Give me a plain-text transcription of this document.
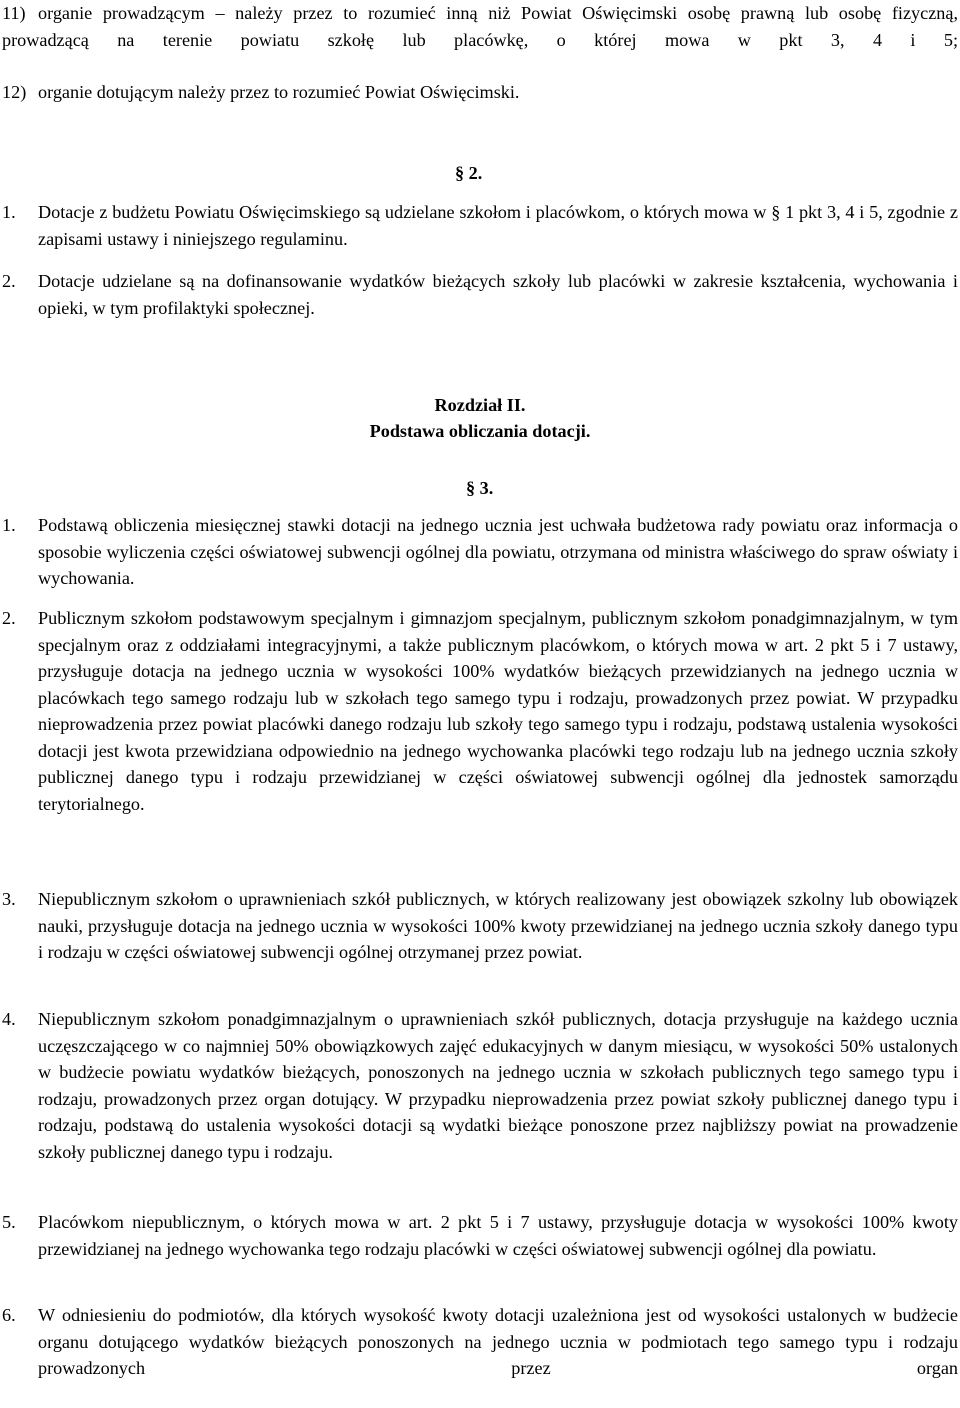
11) organie prowadzącym – należy przez to rozumieć inną niż Powiat Oświęcimski osobę prawną lub osobę fizyczną, prowadzącą na terenie powiatu szkołę lub placówkę, o której mowa w pkt 3, 4 i 5;
12) organie dotującym należy przez to rozumieć Powiat Oświęcimski.
§ 2.
1. Dotacje z budżetu Powiatu Oświęcimskiego są udzielane szkołom i placówkom, o których mowa w § 1 pkt 3, 4 i 5, zgodnie z zapisami ustawy i niniejszego regulaminu.
2. Dotacje udzielane są na dofinansowanie wydatków bieżących szkoły lub placówki w zakresie kształcenia, wychowania i opieki, w tym profilaktyki społecznej.
Rozdział II.
Podstawa obliczania dotacji.
§ 3.
1. Podstawą obliczenia miesięcznej stawki dotacji na jednego ucznia jest uchwała budżetowa rady powiatu oraz informacja o sposobie wyliczenia części oświatowej subwencji ogólnej dla powiatu, otrzymana od ministra właściwego do spraw oświaty i wychowania.
2. Publicznym szkołom podstawowym specjalnym i gimnazjom specjalnym, publicznym szkołom ponadgimnazjalnym, w tym specjalnym oraz z oddziałami integracyjnymi, a także publicznym placówkom, o których mowa w art. 2 pkt 5 i 7 ustawy, przysługuje dotacja na jednego ucznia w wysokości 100% wydatków bieżących przewidzianych na jednego ucznia w placówkach tego samego rodzaju lub w szkołach tego samego typu i rodzaju, prowadzonych przez powiat. W przypadku nieprowadzenia przez powiat placówki danego rodzaju lub szkoły tego samego typu i rodzaju, podstawą ustalenia wysokości dotacji jest kwota przewidziana odpowiednio na jednego wychowanka placówki tego rodzaju lub na jednego ucznia szkoły publicznej danego typu i rodzaju przewidzianej w części oświatowej subwencji ogólnej dla jednostek samorządu terytorialnego.
3. Niepublicznym szkołom o uprawnieniach szkół publicznych, w których realizowany jest obowiązek szkolny lub obowiązek nauki, przysługuje dotacja na jednego ucznia w wysokości 100% kwoty przewidzianej na jednego ucznia szkoły danego typu i rodzaju w części oświatowej subwencji ogólnej otrzymanej przez powiat.
4. Niepublicznym szkołom ponadgimnazjalnym o uprawnieniach szkół publicznych, dotacja przysługuje na każdego ucznia uczęszczającego w co najmniej 50% obowiązkowych zajęć edukacyjnych w danym miesiącu, w wysokości 50% ustalonych w budżecie powiatu wydatków bieżących, ponoszonych na jednego ucznia w szkołach publicznych tego samego typu i rodzaju, prowadzonych przez organ dotujący. W przypadku nieprowadzenia przez powiat szkoły publicznej danego typu i rodzaju, podstawą do ustalenia wysokości dotacji są wydatki bieżące ponoszone przez najbliższy powiat na prowadzenie szkoły publicznej danego typu i rodzaju.
5. Placówkom niepublicznym, o których mowa w art. 2 pkt 5 i 7 ustawy, przysługuje dotacja w wysokości 100% kwoty przewidzianej na jednego wychowanka tego rodzaju placówki w części oświatowej subwencji ogólnej dla powiatu.
6. W odniesieniu do podmiotów, dla których wysokość kwoty dotacji uzależniona jest od wysokości ustalonych w budżecie organu dotującego wydatków bieżących ponoszonych na jednego ucznia w podmiotach tego samego typu i rodzaju prowadzonych przez organ
